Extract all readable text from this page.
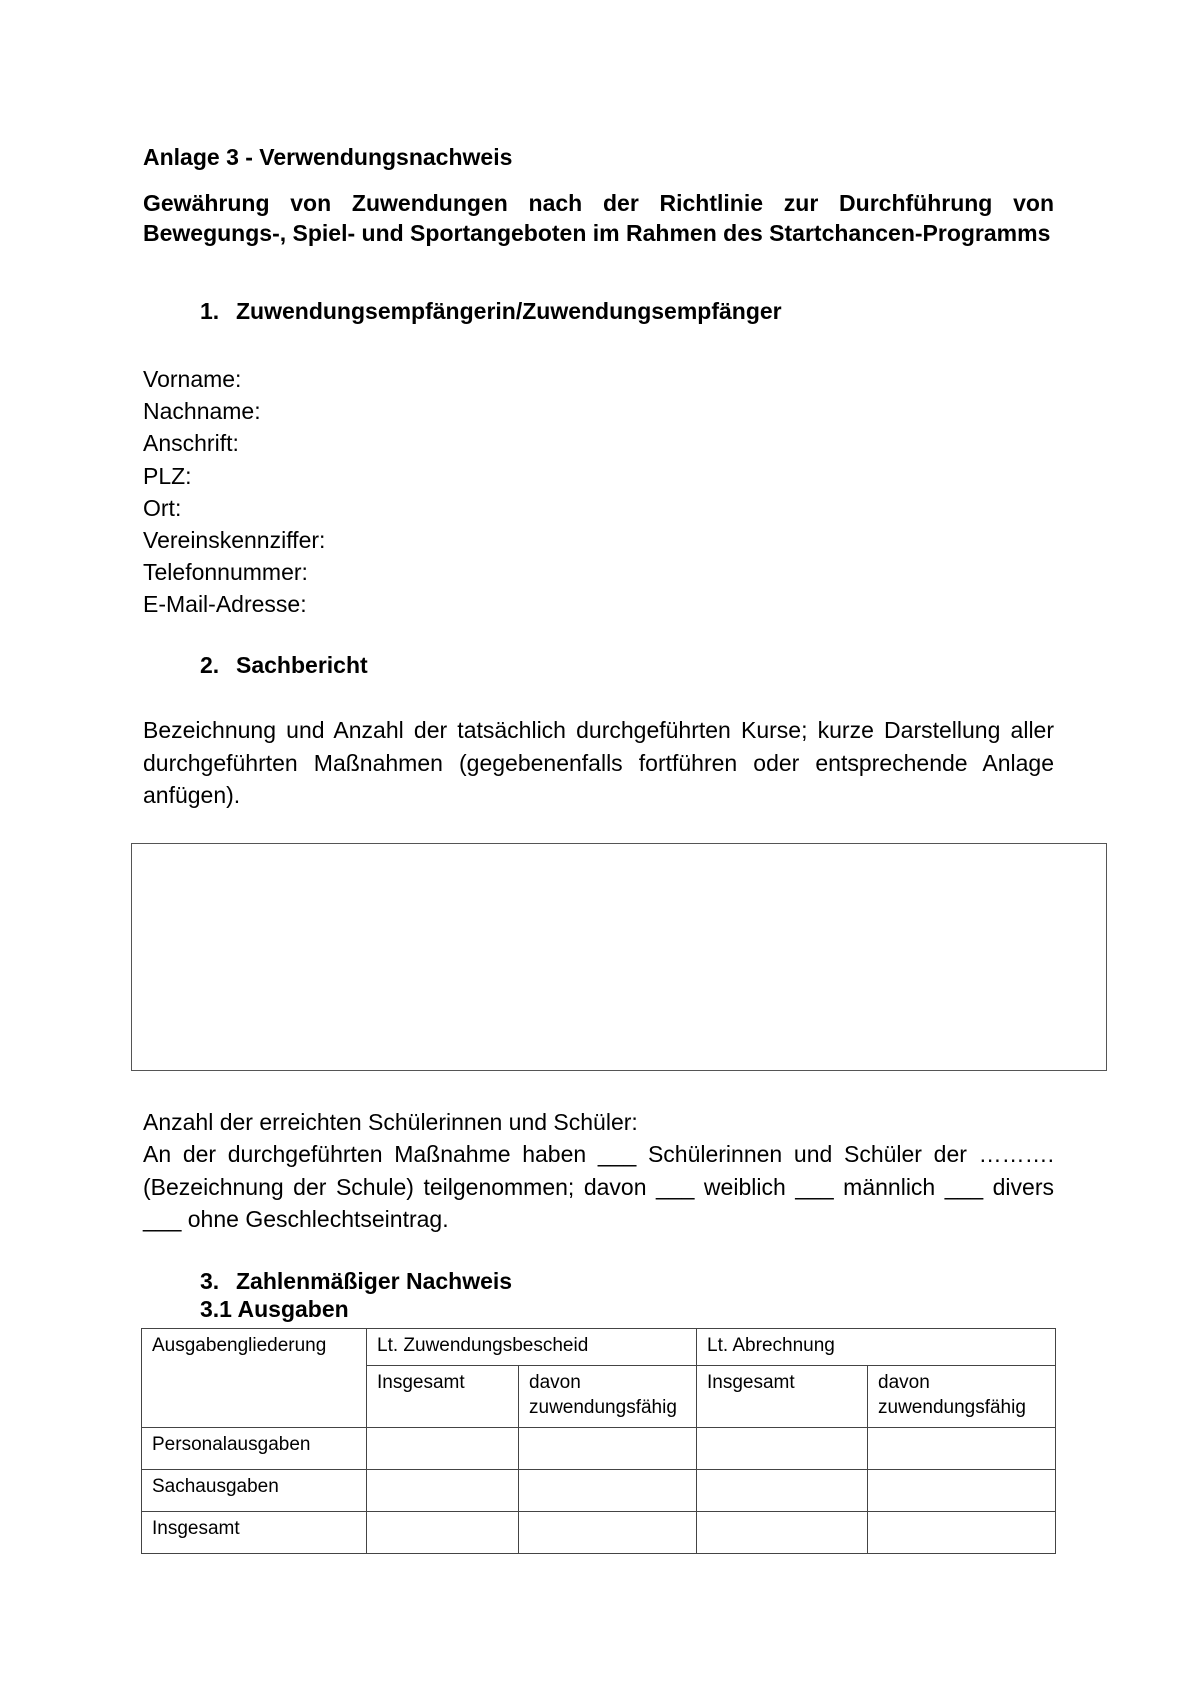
Anlage 3 - Verwendungsnachweis
Gewährung von Zuwendungen nach der Richtlinie zur Durchführung von Bewegungs-, Spiel- und Sportangeboten im Rahmen des Startchancen-Programms
1. Zuwendungsempfängerin/Zuwendungsempfänger
Vorname:
Nachname:
Anschrift:
PLZ:
Ort:
Vereinskennziffer:
Telefonnummer:
E-Mail-Adresse:
2. Sachbericht
Bezeichnung und Anzahl der tatsächlich durchgeführten Kurse; kurze Darstellung aller durchgeführten Maßnahmen (gegebenenfalls fortführen oder entsprechende Anlage anfügen).
Anzahl der erreichten Schülerinnen und Schüler:
An der durchgeführten Maßnahme haben ___ Schülerinnen und Schüler der ………. (Bezeichnung der Schule) teilgenommen; davon ___ weiblich ___ männlich ___ divers ___ ohne Geschlechtseintrag.
3. Zahlenmäßiger Nachweis
3.1 Ausgaben
Ausgabengliederung	Lt. Zuwendungsbescheid		Lt. Abrechnung	
	Insgesamt	davon zuwendungsfähig	Insgesamt	davon zuwendungsfähig
Personalausgaben				
Sachausgaben				
Insgesamt				
